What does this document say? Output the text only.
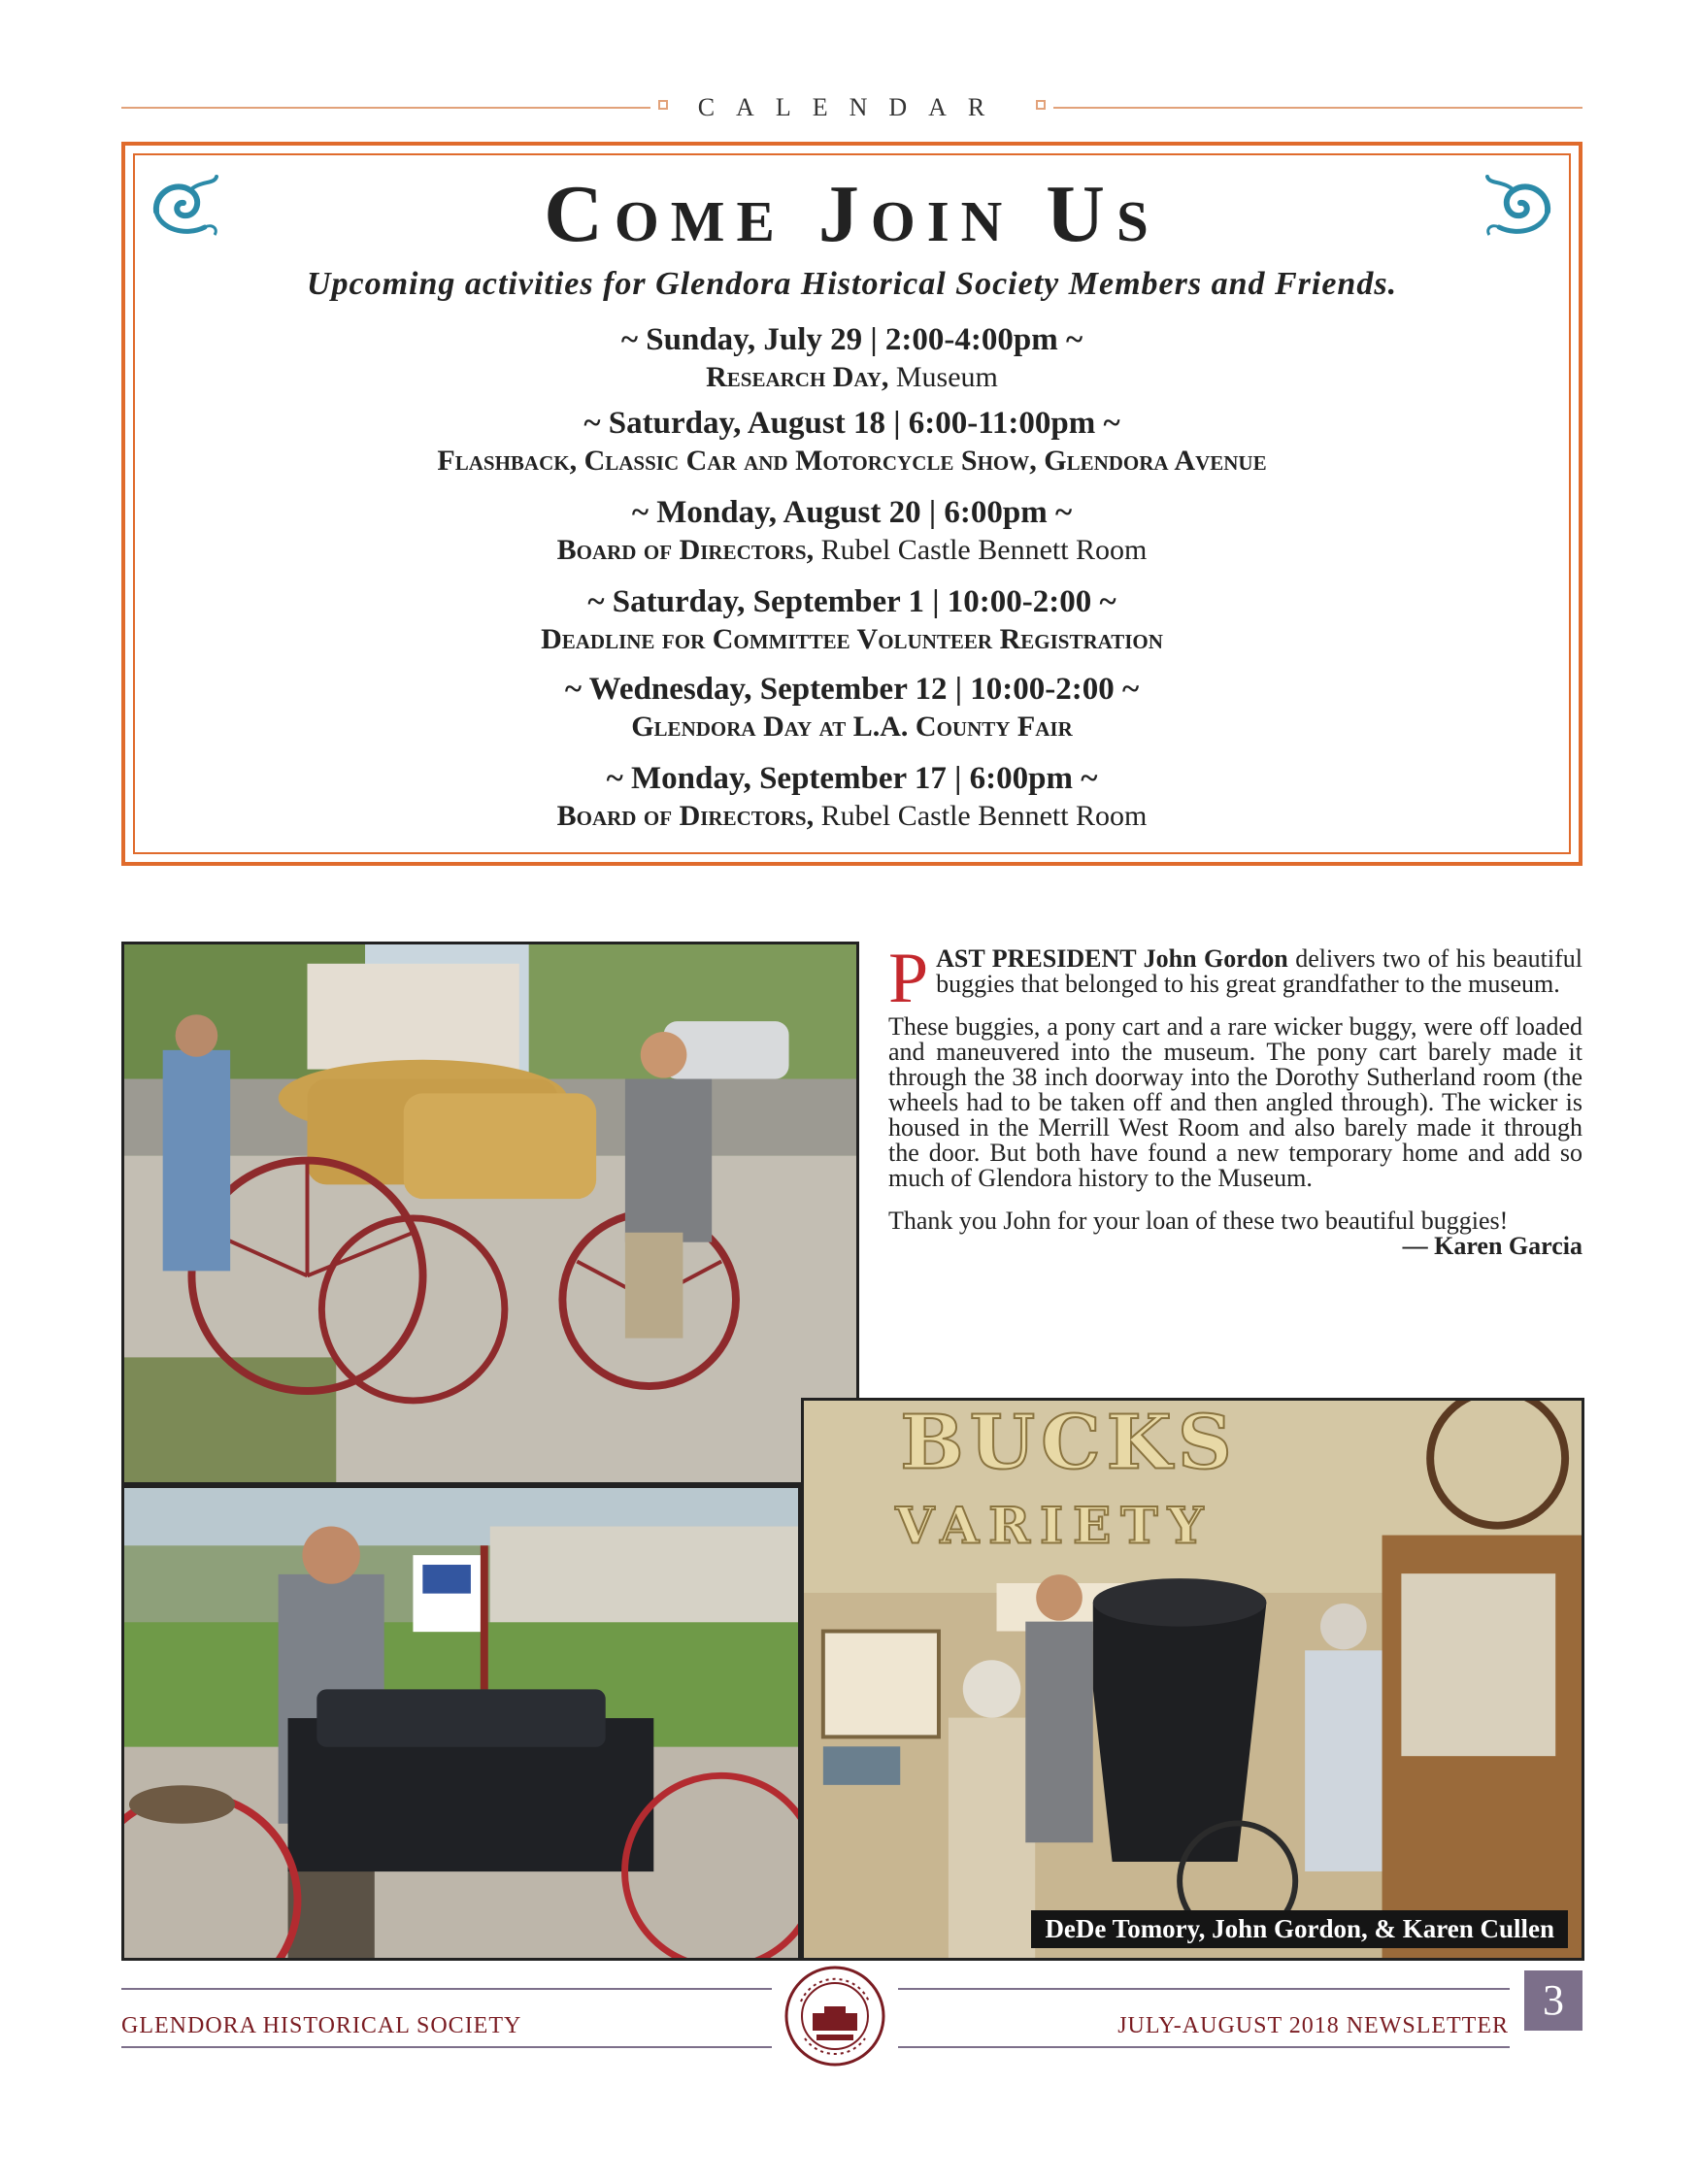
CALENDAR
Come Join Us
Upcoming activities for Glendora Historical Society Members and Friends.
~ Sunday, July 29 | 2:00-4:00pm ~
Research Day, Museum
~ Saturday, August 18 | 6:00-11:00pm ~
Flashback, Classic Car and Motorcycle Show, Glendora Avenue
~ Monday, August 20 | 6:00pm ~
Board of Directors, Rubel Castle Bennett Room
~ Saturday, September 1 | 10:00-2:00 ~
Deadline for Committee Volunteer Registration
~ Wednesday, September 12 | 10:00-2:00 ~
Glendora Day at L.A. County Fair
~ Monday, September 17 | 6:00pm ~
Board of Directors, Rubel Castle Bennett Room

PAST PRESIDENT John Gordon delivers two of his beautiful buggies that belonged to his great grandfather to the museum.

These buggies, a pony cart and a rare wicker buggy, were off loaded and maneuvered into the museum. The pony cart barely made it through the 38 inch doorway into the Dorothy Sutherland room (the wheels had to be taken off and then angled through). The wicker is housed in the Merrill West Room and also barely made it through the door. But both have found a new temporary home and add so much of Glendora history to the Museum.

Thank you John for your loan of these two beautiful buggies!
— Karen Garcia

BUCKS
VARIETY
DeDe Tomory, John Gordon, & Karen Cullen
GLENDORA HISTORICAL SOCIETY	JULY-AUGUST 2018 NEWSLETTER
3
